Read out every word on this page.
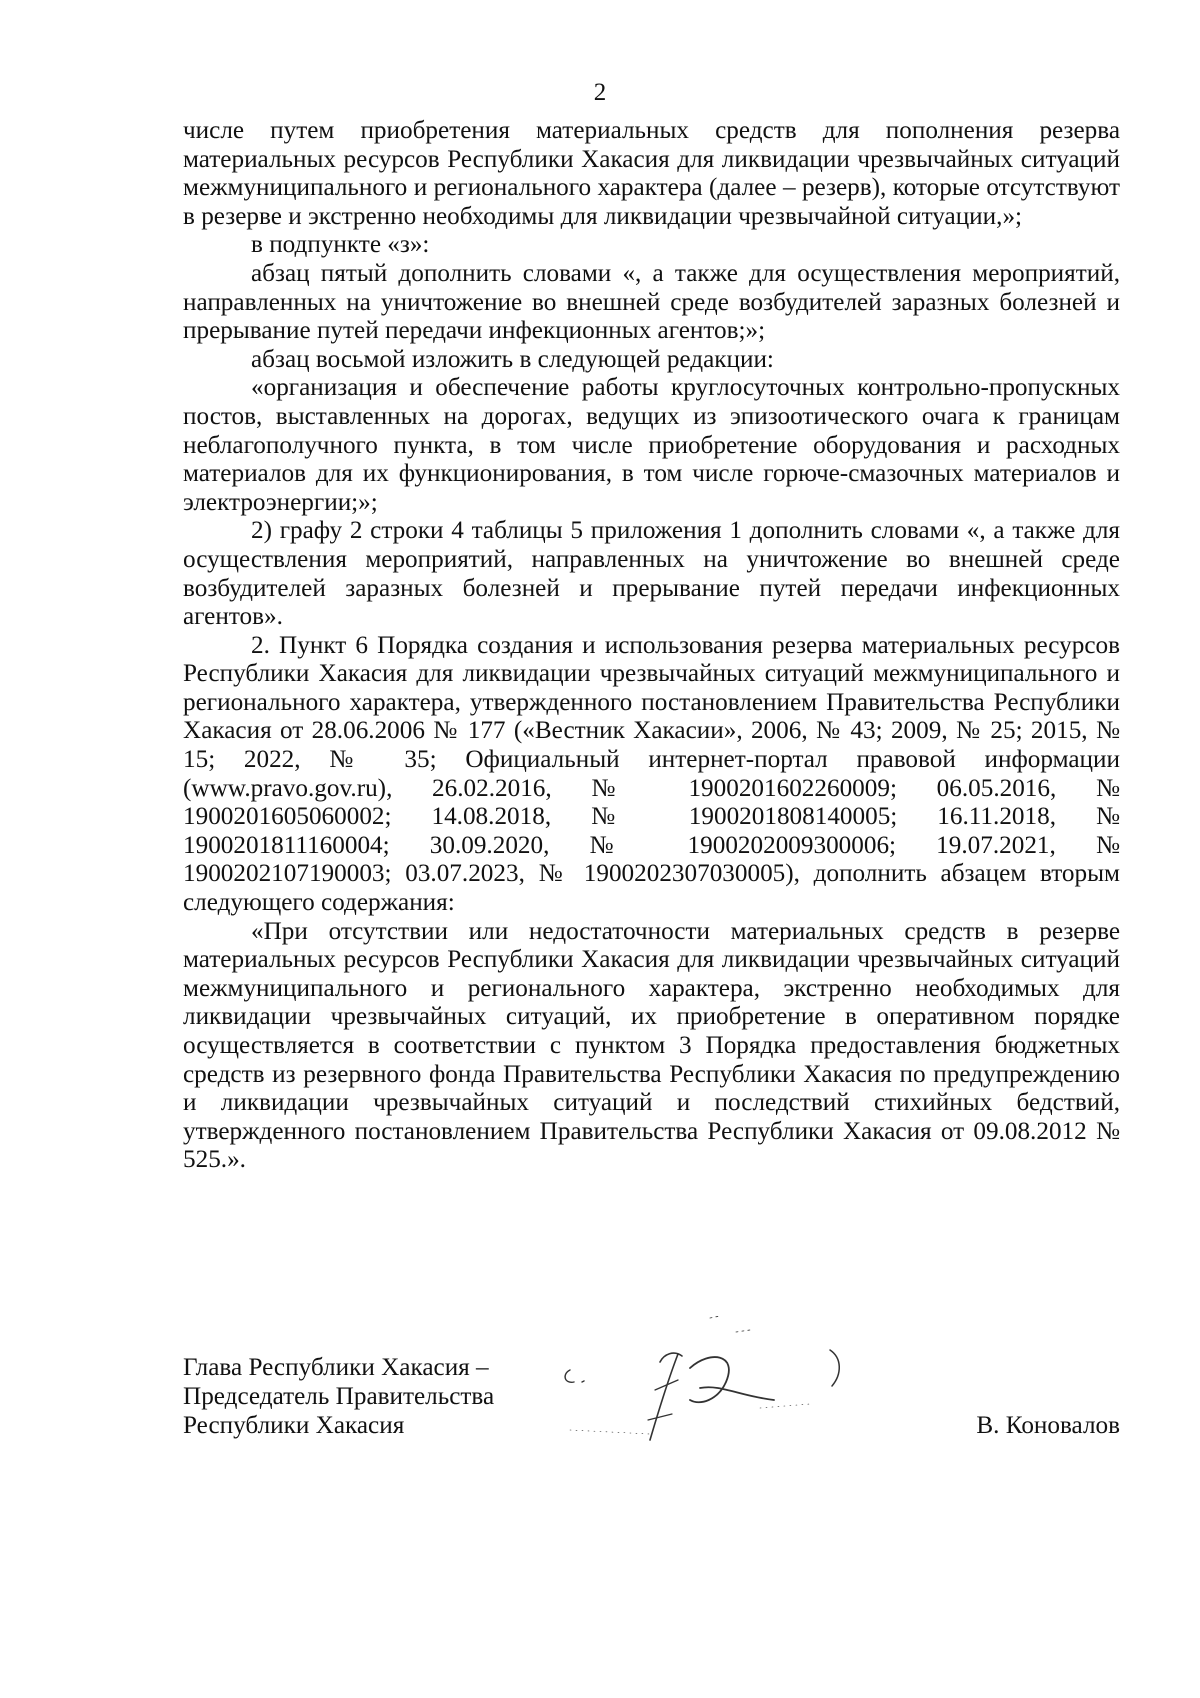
2

числе путем приобретения материальных средств для пополнения резерва материальных ресурсов Республики Хакасия для ликвидации чрезвычайных ситуаций межмуниципального и регионального характера (далее – резерв), которые отсутствуют в резерве и экстренно необходимы для ликвидации чрезвычайной ситуации,»;

в подпункте «з»:

абзац пятый дополнить словами «, а также для осуществления мероприятий, направленных на уничтожение во внешней среде возбудителей заразных болезней и прерывание путей передачи инфекционных агентов;»;

абзац восьмой изложить в следующей редакции:

«организация и обеспечение работы круглосуточных контрольно-пропускных постов, выставленных на дорогах, ведущих из эпизоотического очага к границам неблагополучного пункта, в том числе приобретение оборудования и расходных материалов для их функционирования, в том числе горюче-смазочных материалов и электроэнергии;»;

2) графу 2 строки 4 таблицы 5 приложения 1 дополнить словами «, а также для осуществления мероприятий, направленных на уничтожение во внешней среде возбудителей заразных болезней и прерывание путей передачи инфекционных агентов».

2. Пункт 6 Порядка создания и использования резерва материальных ресурсов Республики Хакасия для ликвидации чрезвычайных ситуаций межмуниципального и регионального характера, утвержденного постановлением Правительства Республики Хакасия от 28.06.2006 № 177 («Вестник Хакасии», 2006, № 43; 2009, № 25; 2015, № 15; 2022, № 35; Официальный интернет-портал правовой информации (www.pravo.gov.ru), 26.02.2016, № 1900201602260009; 06.05.2016, № 1900201605060002; 14.08.2018, № 1900201808140005; 16.11.2018, № 1900201811160004; 30.09.2020, № 1900202009300006; 19.07.2021, № 1900202107190003; 03.07.2023, № 1900202307030005), дополнить абзацем вторым следующего содержания:

«При отсутствии или недостаточности материальных средств в резерве материальных ресурсов Республики Хакасия для ликвидации чрезвычайных ситуаций межмуниципального и регионального характера, экстренно необходимых для ликвидации чрезвычайных ситуаций, их приобретение в оперативном порядке осуществляется в соответствии с пунктом 3 Порядка предоставления бюджетных средств из резервного фонда Правительства Республики Хакасия по предупреждению и ликвидации чрезвычайных ситуаций и последствий стихийных бедствий, утвержденного постановлением Правительства Республики Хакасия от 09.08.2012 № 525.».

Глава Республики Хакасия –
Председатель Правительства
Республики Хакасия	В. Коновалов
